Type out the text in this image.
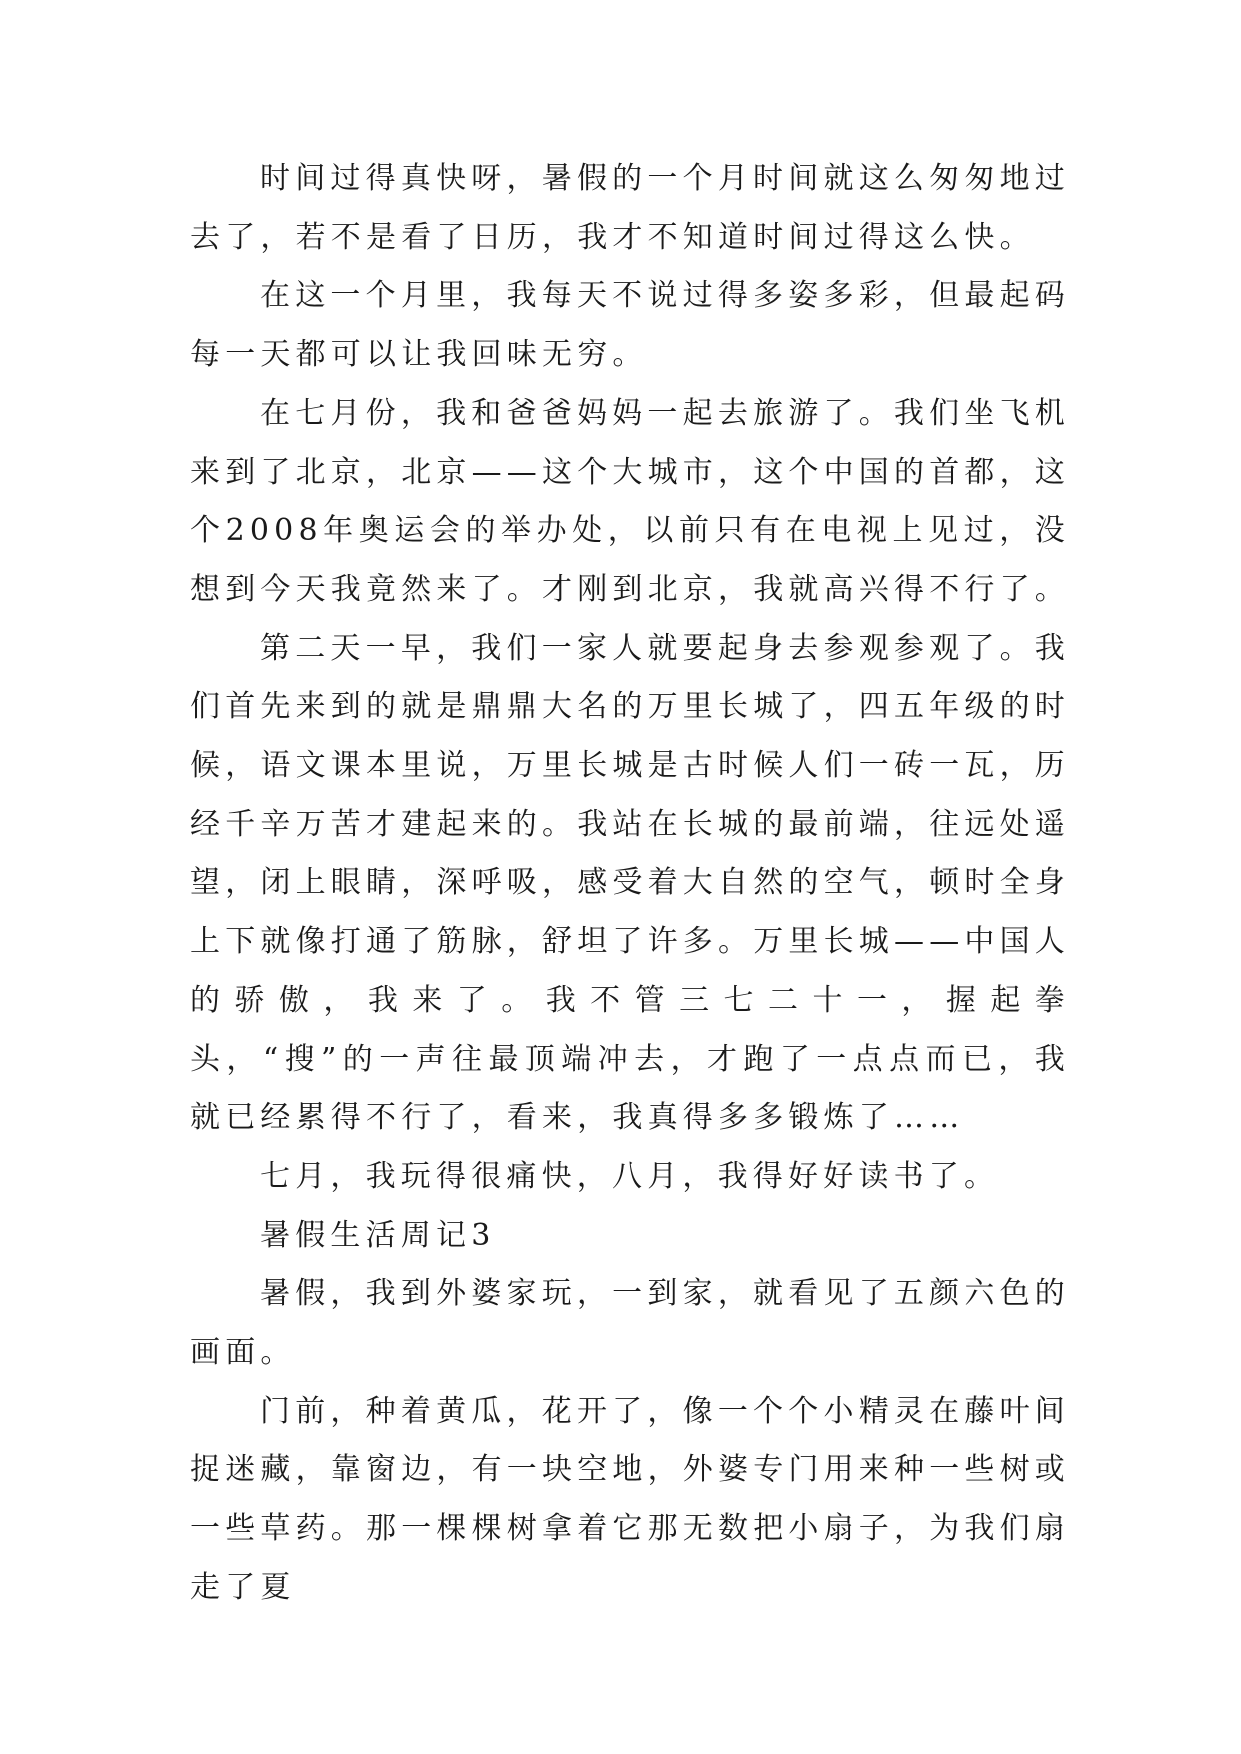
时间过得真快呀，暑假的一个月时间就这么匆匆地过去了，若不是看了日历，我才不知道时间过得这么快。

在这一个月里，我每天不说过得多姿多彩，但最起码每一天都可以让我回味无穷。

在七月份，我和爸爸妈妈一起去旅游了。我们坐飞机来到了北京，北京——这个大城市，这个中国的首都，这个2008年奥运会的举办处，以前只有在电视上见过，没想到今天我竟然来了。才刚到北京，我就高兴得不行了。

第二天一早，我们一家人就要起身去参观参观了。我们首先来到的就是鼎鼎大名的万里长城了，四五年级的时候，语文课本里说，万里长城是古时候人们一砖一瓦，历经千辛万苦才建起来的。我站在长城的最前端，往远处遥望，闭上眼睛，深呼吸，感受着大自然的空气，顿时全身上下就像打通了筋脉，舒坦了许多。万里长城——中国人的骄傲，我来了。我不管三七二十一，握起拳头，“搜”的一声往最顶端冲去，才跑了一点点而已，我就已经累得不行了，看来，我真得多多锻炼了……

七月，我玩得很痛快，八月，我得好好读书了。

暑假生活周记3

暑假，我到外婆家玩，一到家，就看见了五颜六色的画面。

门前，种着黄瓜，花开了，像一个个小精灵在藤叶间捉迷藏，靠窗边，有一块空地，外婆专门用来种一些树或一些草药。那一棵棵树拿着它那无数把小扇子，为我们扇走了夏
